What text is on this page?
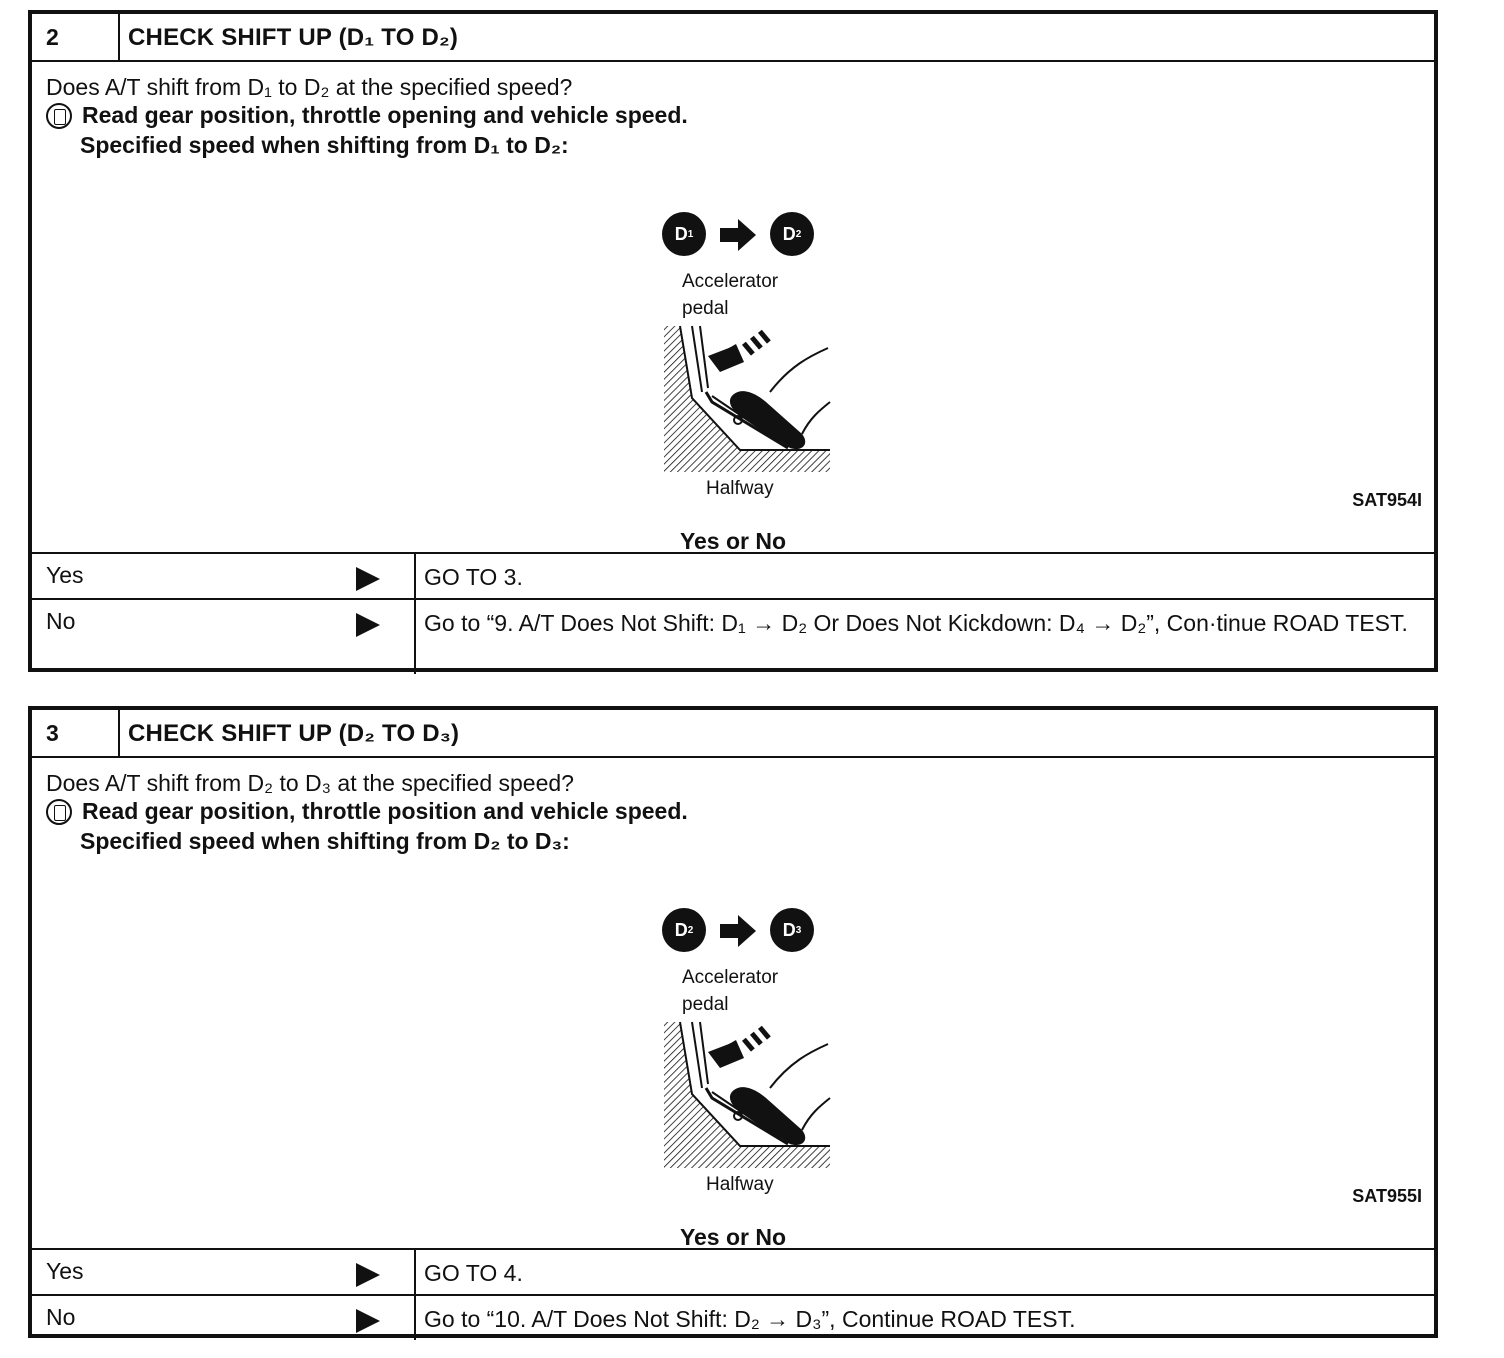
2	CHECK SHIFT UP (D₁ TO D₂)
Does A/T shift from D₁ to D₂ at the specified speed?
Read gear position, throttle opening and vehicle speed.
Specified speed when shifting from D₁ to D₂:
D 1	D 2
Accelerator
pedal
Halfway
SAT954I
Yes or No
Yes	GO TO 3.
No	Go to “9. A/T Does Not Shift: D₁ → D₂ Or Does Not Kickdown: D₄ → D₂”, Con·tinue ROAD TEST.
3	CHECK SHIFT UP (D₂ TO D₃)
Does A/T shift from D₂ to D₃ at the specified speed?
Read gear position, throttle position and vehicle speed.
Specified speed when shifting from D₂ to D₃:
D 2	D 3
Accelerator
pedal
Halfway
SAT955I
Yes or No
Yes	GO TO 4.
No	Go to “10. A/T Does Not Shift: D₂ → D₃”, Continue ROAD TEST.
